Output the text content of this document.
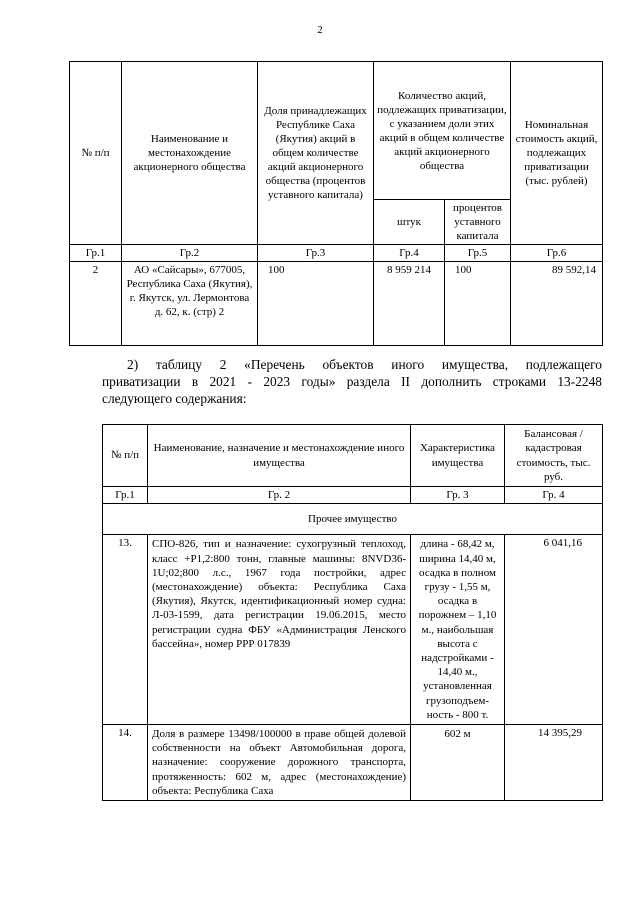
2
№ п/п	Наименование и местонахождение акционерного общества	Доля принадлежащих Республике Саха (Якутия) акций в общем количестве акций акционерного общества (процентов уставного капитала)	Количество акций, подлежащих приватизации, с указанием доли этих акций в общем количестве акций акционерного общества		Номинальная стоимость акций, подлежащих приватизации (тыс. рублей)
			штук	процентов уставного капитала	
Гр.1	Гр.2	Гр.3	Гр.4	Гр.5	Гр.6
2	АО «Сайсары», 677005, Республика Саха (Якутия), г. Якутск, ул. Лермонтова д. 62, к. (стр) 2	100	8 959 214	100	89 592,14
2) таблицу 2 «Перечень объектов иного имущества, подлежащего
приватизации в 2021 - 2023 годы» раздела II дополнить строками 13-2248
следующего содержания:
№ п/п	Наименование, назначение и местонахождение иного имущества	Характеристика имущества	Балансовая / кадастровая стоимость, тыс. руб.
Гр.1	Гр. 2	Гр. 3	Гр. 4
Прочее имущество			
13.	СПО-826, тип и назначение: сухогрузный теплоход, класс +Р1,2:800 тонн, главные машины: 8NVD36-1U;02;800 л.с., 1967 года постройки, адрес (местонахождение) объекта: Республика Саха (Якутия), Якутск, идентификационный номер судна: Л-03-1599, дата регистрации 19.06.2015, место регистрации судна ФБУ «Администрация Ленского бассейна», номер РРР 017839	длина - 68,42 м, ширина 14,40 м, осадка в полном грузу - 1,55 м, осадка в порожнем – 1,10 м., наибольшая высота с надстройками - 14,40 м., установленная грузоподъем-ность - 800 т.	6 041,16
14.	Доля в размере 13498/100000 в праве общей долевой собственности на объект Автомобильная дорога, назначение: сооружение дорожного транспорта, протяженность: 602 м, адрес (местонахождение) объекта: Республика Саха	602 м	14 395,29
